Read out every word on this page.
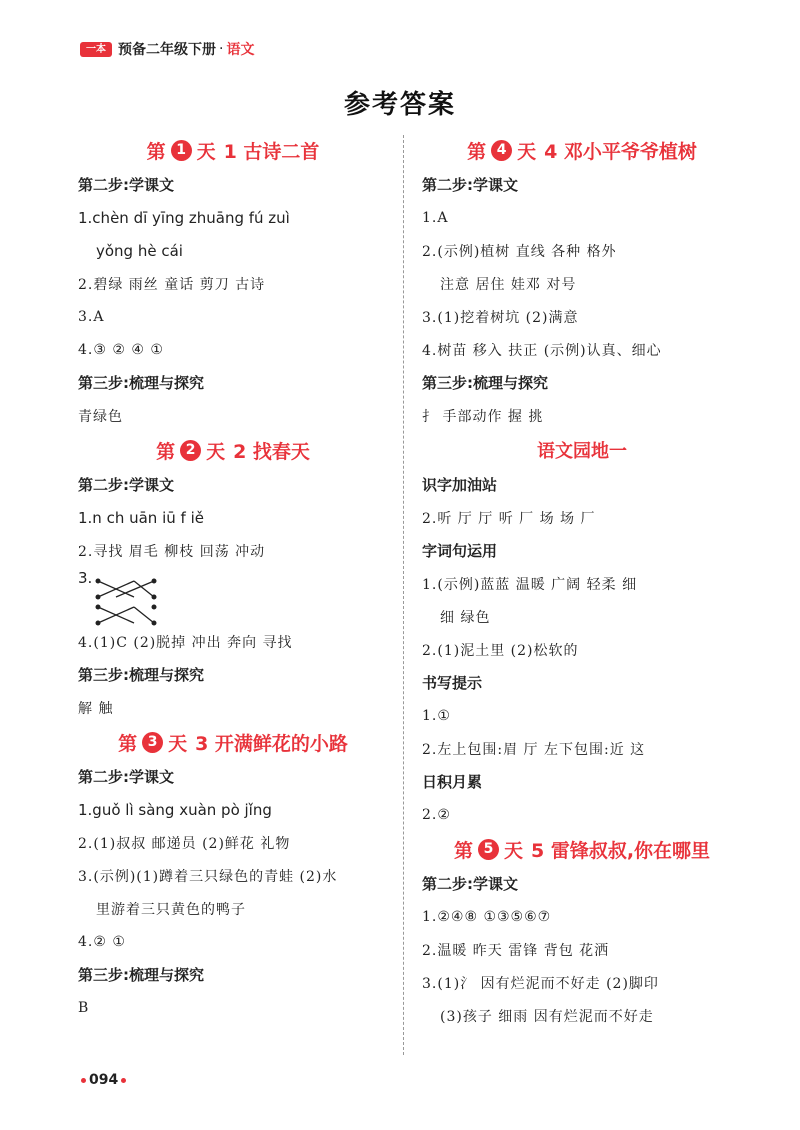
一本 预备二年级下册 · 语文
参考答案
第 1 天 1 古诗二首
第二步:学课文
1.chèn dī yīng zhuāng fú zuì
yǒng hè cái
2.碧绿 雨丝 童话 剪刀 古诗
3.A
4.③ ② ④ ①
第三步:梳理与探究
青绿色
第 2 天 2 找春天
第二步:学课文
1.n ch uān iū f iě
2.寻找 眉毛 柳枝 回荡 冲动
3.
4.(1)C (2)脱掉 冲出 奔向 寻找
第三步:梳理与探究
解 触
第 3 天 3 开满鲜花的小路
第二步:学课文
1.guǒ lì sàng xuàn pò jǐng
2.(1)叔叔 邮递员 (2)鲜花 礼物
3.(示例)(1)蹲着三只绿色的青蛙 (2)水
里游着三只黄色的鸭子
4.② ①
第三步:梳理与探究
B
第 4 天 4 邓小平爷爷植树
第二步:学课文
1.A
2.(示例)植树 直线 各种 格外
注意 居住 娃邓 对号
3.(1)挖着树坑 (2)满意
4.树苗 移入 扶正 (示例)认真、细心
第三步:梳理与探究
扌 手部动作 握 挑
语文园地一
识字加油站
2.听 厅 厅 听 厂 场 场 厂
字词句运用
1.(示例)蓝蓝 温暖 广阔 轻柔 细
细 绿色
2.(1)泥土里 (2)松软的
书写提示
1.①
2.左上包围:眉 厅 左下包围:近 这
日积月累
2.②
第 5 天 5 雷锋叔叔,你在哪里
第二步:学课文
1.②④⑧ ①③⑤⑥⑦
2.温暖 昨天 雷锋 背包 花洒
3.(1)氵 因有烂泥而不好走 (2)脚印
(3)孩子 细雨 因有烂泥而不好走
094
